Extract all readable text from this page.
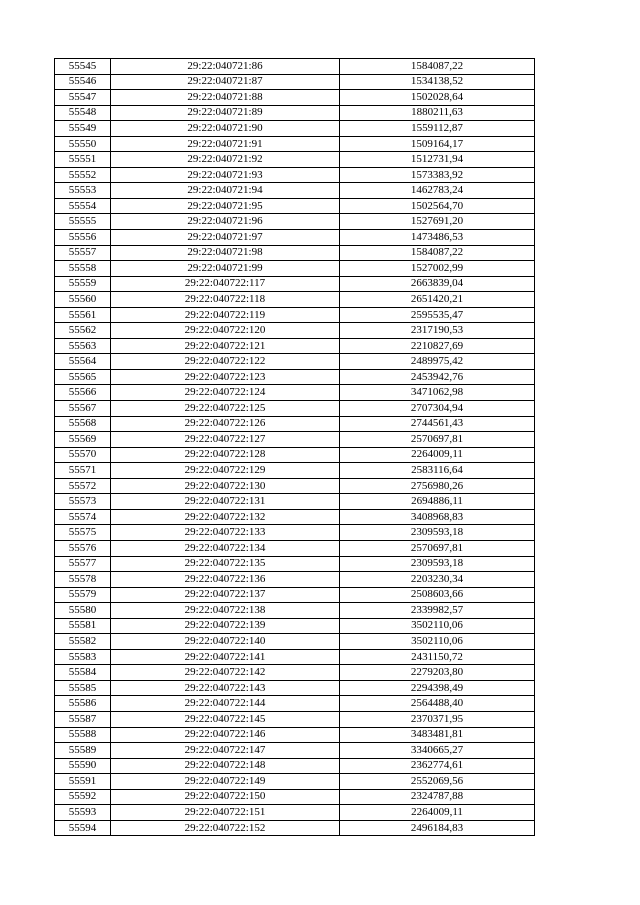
55545	29:22:040721:86	1584087,22
55546	29:22:040721:87	1534138,52
55547	29:22:040721:88	1502028,64
55548	29:22:040721:89	1880211,63
55549	29:22:040721:90	1559112,87
55550	29:22:040721:91	1509164,17
55551	29:22:040721:92	1512731,94
55552	29:22:040721:93	1573383,92
55553	29:22:040721:94	1462783,24
55554	29:22:040721:95	1502564,70
55555	29:22:040721:96	1527691,20
55556	29:22:040721:97	1473486,53
55557	29:22:040721:98	1584087,22
55558	29:22:040721:99	1527002,99
55559	29:22:040722:117	2663839,04
55560	29:22:040722:118	2651420,21
55561	29:22:040722:119	2595535,47
55562	29:22:040722:120	2317190,53
55563	29:22:040722:121	2210827,69
55564	29:22:040722:122	2489975,42
55565	29:22:040722:123	2453942,76
55566	29:22:040722:124	3471062,98
55567	29:22:040722:125	2707304,94
55568	29:22:040722:126	2744561,43
55569	29:22:040722:127	2570697,81
55570	29:22:040722:128	2264009,11
55571	29:22:040722:129	2583116,64
55572	29:22:040722:130	2756980,26
55573	29:22:040722:131	2694886,11
55574	29:22:040722:132	3408968,83
55575	29:22:040722:133	2309593,18
55576	29:22:040722:134	2570697,81
55577	29:22:040722:135	2309593,18
55578	29:22:040722:136	2203230,34
55579	29:22:040722:137	2508603,66
55580	29:22:040722:138	2339982,57
55581	29:22:040722:139	3502110,06
55582	29:22:040722:140	3502110,06
55583	29:22:040722:141	2431150,72
55584	29:22:040722:142	2279203,80
55585	29:22:040722:143	2294398,49
55586	29:22:040722:144	2564488,40
55587	29:22:040722:145	2370371,95
55588	29:22:040722:146	3483481,81
55589	29:22:040722:147	3340665,27
55590	29:22:040722:148	2362774,61
55591	29:22:040722:149	2552069,56
55592	29:22:040722:150	2324787,88
55593	29:22:040722:151	2264009,11
55594	29:22:040722:152	2496184,83
